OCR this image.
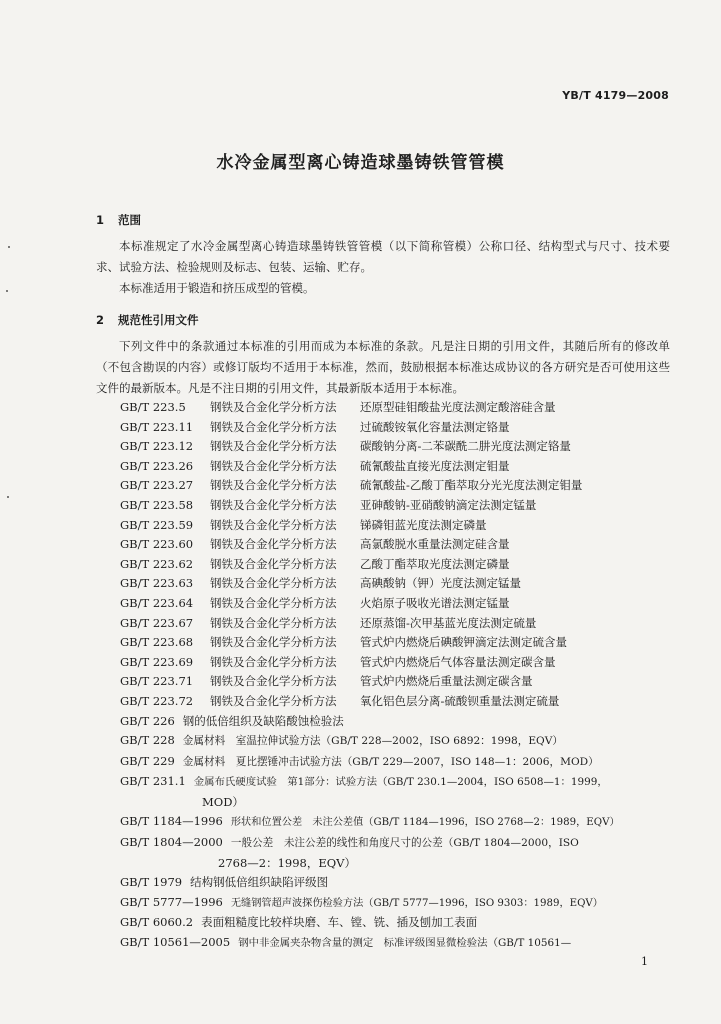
YB/T 4179—2008
水冷金属型离心铸造球墨铸铁管管模
1 范围
本标准规定了水冷金属型离心铸造球墨铸铁管管模（以下简称管模）公称口径、结构型式与尺寸、技术要求、试验方法、检验规则及标志、包装、运输、贮存。
本标准适用于锻造和挤压成型的管模。
2 规范性引用文件
下列文件中的条款通过本标准的引用而成为本标准的条款。凡是注日期的引用文件，其随后所有的修改单（不包含勘误的内容）或修订版均不适用于本标准，然而，鼓励根据本标准达成协议的各方研究是否可使用这些文件的最新版本。凡是不注日期的引用文件，其最新版本适用于本标准。
GB/T 223.5 钢铁及合金化学分析方法 还原型硅钼酸盐光度法测定酸溶硅含量
GB/T 223.11 钢铁及合金化学分析方法 过硫酸铵氧化容量法测定铬量
GB/T 223.12 钢铁及合金化学分析方法 碳酸钠分离-二苯碳酰二肼光度法测定铬量
GB/T 223.26 钢铁及合金化学分析方法 硫氰酸盐直接光度法测定钼量
GB/T 223.27 钢铁及合金化学分析方法 硫氰酸盐-乙酸丁酯萃取分光光度法测定钼量
GB/T 223.58 钢铁及合金化学分析方法 亚砷酸钠-亚硝酸钠滴定法测定锰量
GB/T 223.59 钢铁及合金化学分析方法 锑磷钼蓝光度法测定磷量
GB/T 223.60 钢铁及合金化学分析方法 高氯酸脱水重量法测定硅含量
GB/T 223.62 钢铁及合金化学分析方法 乙酸丁酯萃取光度法测定磷量
GB/T 223.63 钢铁及合金化学分析方法 高碘酸钠（钾）光度法测定锰量
GB/T 223.64 钢铁及合金化学分析方法 火焰原子吸收光谱法测定锰量
GB/T 223.67 钢铁及合金化学分析方法 还原蒸馏-次甲基蓝光度法测定硫量
GB/T 223.68 钢铁及合金化学分析方法 管式炉内燃烧后碘酸钾滴定法测定硫含量
GB/T 223.69 钢铁及合金化学分析方法 管式炉内燃烧后气体容量法测定碳含量
GB/T 223.71 钢铁及合金化学分析方法 管式炉内燃烧后重量法测定碳含量
GB/T 223.72 钢铁及合金化学分析方法 氧化铝色层分离-硫酸钡重量法测定硫量
GB/T 226 钢的低倍组织及缺陷酸蚀检验法
GB/T 228 金属材料　室温拉伸试验方法（GB/T 228—2002，ISO 6892：1998，EQV）
GB/T 229 金属材料　夏比摆锤冲击试验方法（GB/T 229—2007，ISO 148—1：2006，MOD）
GB/T 231.1 金属布氏硬度试验　第1部分：试验方法（GB/T 230.1—2004，ISO 6508—1：1999，
MOD）
GB/T 1184—1996 形状和位置公差　未注公差值（GB/T 1184—1996，ISO 2768—2：1989，EQV）
GB/T 1804—2000 一般公差　未注公差的线性和角度尺寸的公差（GB/T 1804—2000，ISO
2768—2：1998，EQV）
GB/T 1979 结构钢低倍组织缺陷评级图
GB/T 5777—1996 无缝钢管超声波探伤检验方法（GB/T 5777—1996，ISO 9303：1989，EQV）
GB/T 6060.2 表面粗糙度比较样块磨、车、镗、铣、插及刨加工表面
GB/T 10561—2005 钢中非金属夹杂物含量的测定　标准评级图显微检验法（GB/T 10561—
1
